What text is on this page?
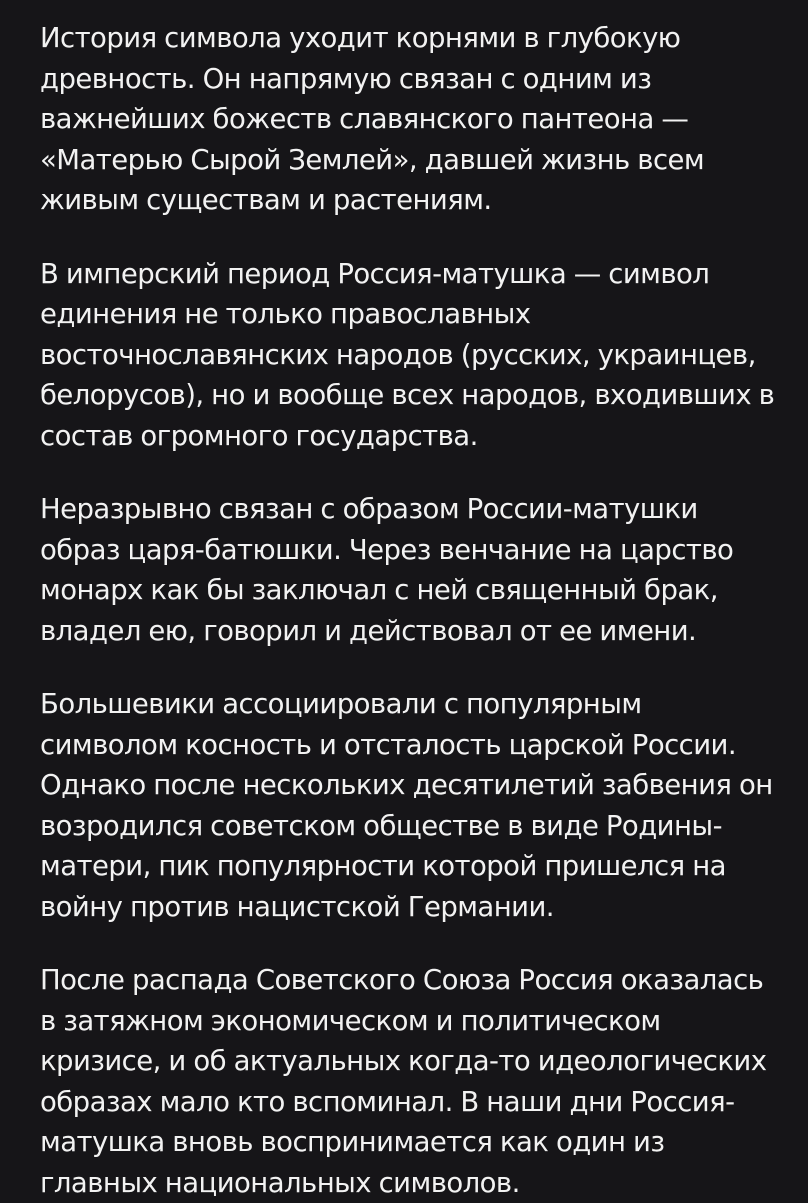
История символа уходит корнями в глубокую
древность. Он напрямую связан с одним из
важнейших божеств славянского пантеона —
«Матерью Сырой Землей», давшей жизнь всем
живым существам и растениям.

В имперский период Россия-матушка — символ
единения не только православных
восточнославянских народов (русских, украинцев,
белорусов), но и вообще всех народов, входивших в
состав огромного государства.

Неразрывно связан с образом России-матушки
образ царя-батюшки. Через венчание на царство
монарх как бы заключал с ней священный брак,
владел ею, говорил и действовал от ее имени.

Большевики ассоциировали с популярным
символом косность и отсталость царской России.
Однако после нескольких десятилетий забвения он
возродился советском обществе в виде Родины-
матери, пик популярности которой пришелся на
войну против нацистской Германии.

После распада Советского Союза Россия оказалась
в затяжном экономическом и политическом
кризисе, и об актуальных когда-то идеологических
образах мало кто вспоминал. В наши дни Россия-
матушка вновь воспринимается как один из
главных национальных символов.
